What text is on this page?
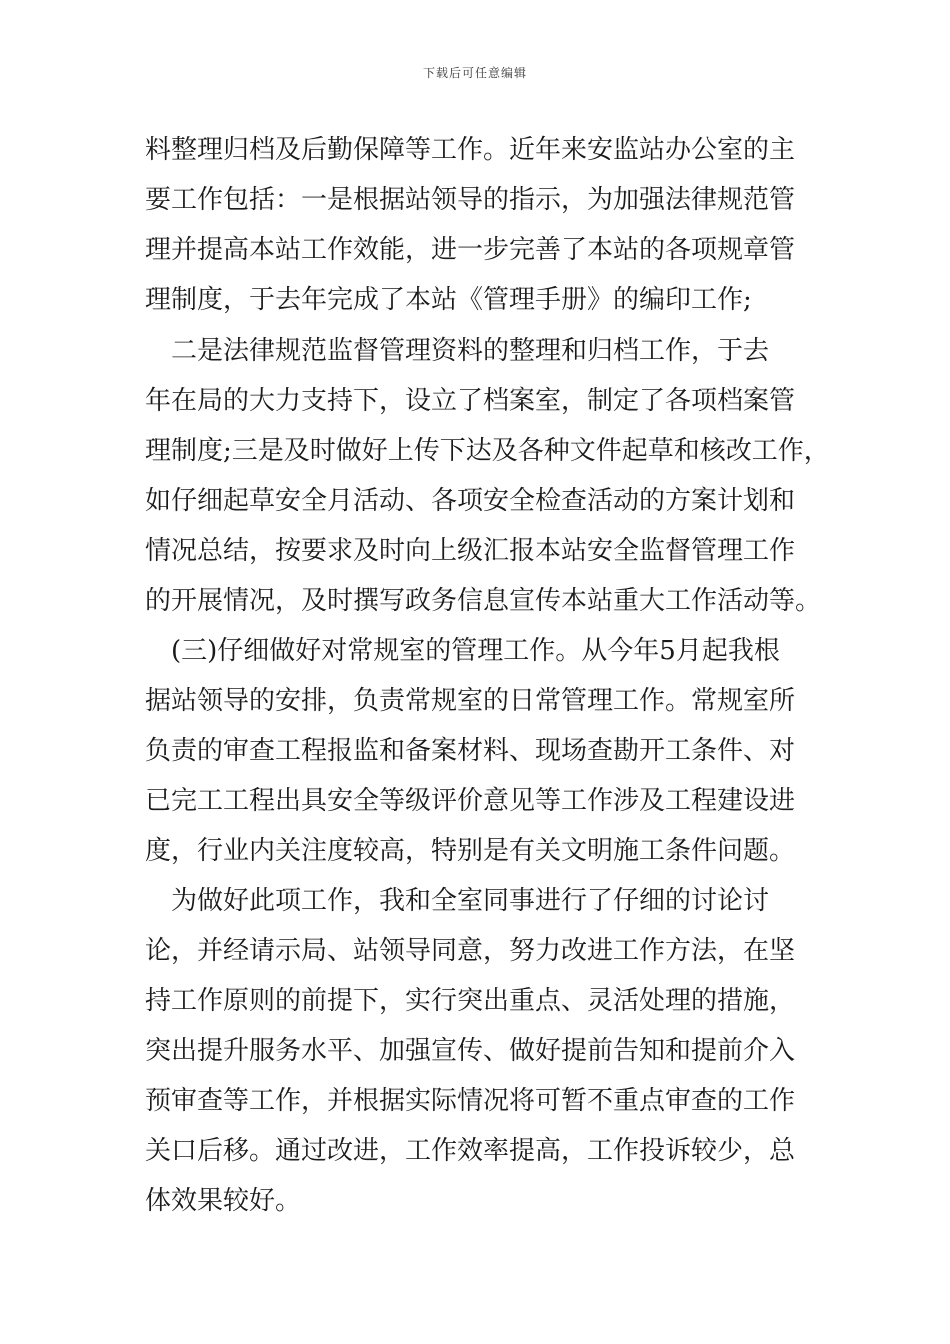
下载后可任意编辑
料整理归档及后勤保障等工作。近年来安监站办公室的主
要工作包括：一是根据站领导的指示，为加强法律规范管
理并提高本站工作效能，进一步完善了本站的各项规章管
理制度，于去年完成了本站《管理手册》的编印工作;
　二是法律规范监督管理资料的整理和归档工作，于去
年在局的大力支持下，设立了档案室，制定了各项档案管
理制度;三是及时做好上传下达及各种文件起草和核改工作，
如仔细起草安全月活动、各项安全检查活动的方案计划和
情况总结，按要求及时向上级汇报本站安全监督管理工作
的开展情况，及时撰写政务信息宣传本站重大工作活动等。
　(三)仔细做好对常规室的管理工作。从今年5月起我根
据站领导的安排，负责常规室的日常管理工作。常规室所
负责的审查工程报监和备案材料、现场查勘开工条件、对
已完工工程出具安全等级评价意见等工作涉及工程建设进
度，行业内关注度较高，特别是有关文明施工条件问题。
　为做好此项工作，我和全室同事进行了仔细的讨论讨
论，并经请示局、站领导同意，努力改进工作方法，在坚
持工作原则的前提下，实行突出重点、灵活处理的措施，
突出提升服务水平、加强宣传、做好提前告知和提前介入
预审查等工作，并根据实际情况将可暂不重点审查的工作
关口后移。通过改进，工作效率提高，工作投诉较少，总
体效果较好。
